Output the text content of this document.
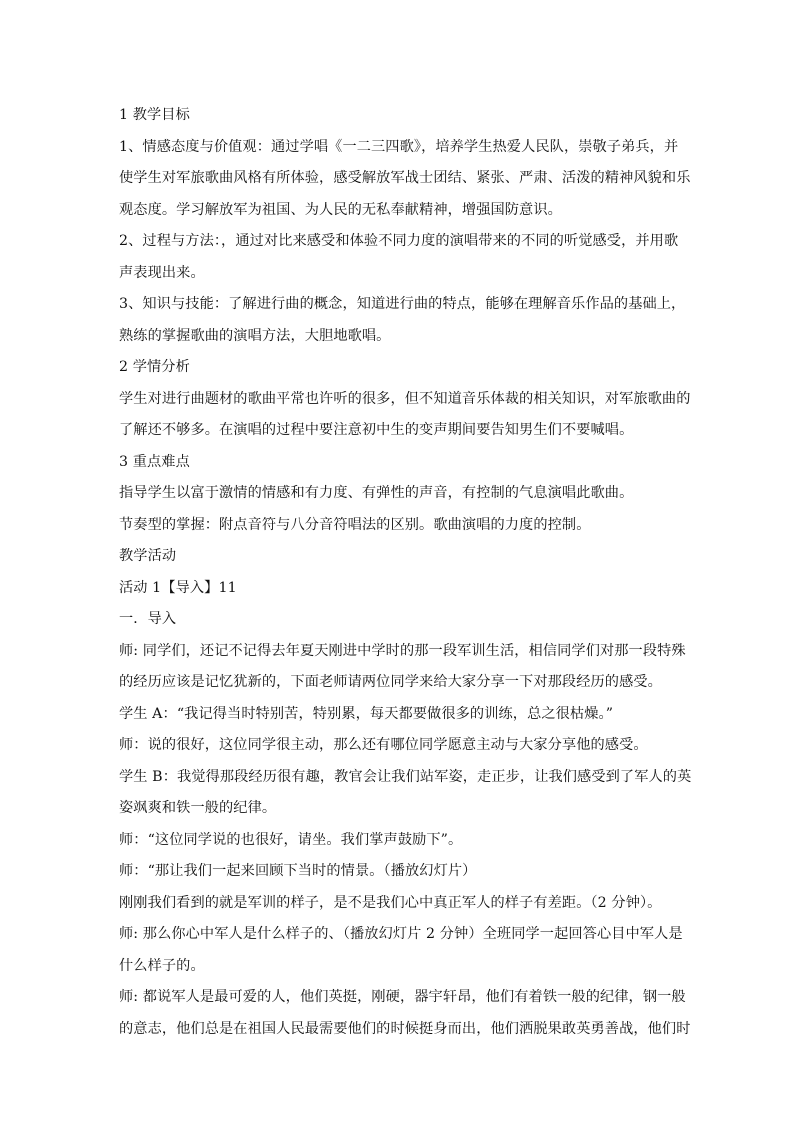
1 教学目标
1、情感态度与价值观：通过学唱《一二三四歌》，培养学生热爱人民队，崇敬子弟兵，并
使学生对军旅歌曲风格有所体验，感受解放军战士团结、紧张、严肃、活泼的精神风貌和乐
观态度。学习解放军为祖国、为人民的无私奉献精神，增强国防意识。
2、过程与方法：，通过对比来感受和体验不同力度的演唱带来的不同的听觉感受，并用歌
声表现出来。
3、知识与技能：了解进行曲的概念，知道进行曲的特点，能够在理解音乐作品的基础上，
熟练的掌握歌曲的演唱方法，大胆地歌唱。
2 学情分析
学生对进行曲题材的歌曲平常也许听的很多，但不知道音乐体裁的相关知识，对军旅歌曲的
了解还不够多。在演唱的过程中要注意初中生的变声期间要告知男生们不要喊唱。
3 重点难点
指导学生以富于激情的情感和有力度、有弹性的声音，有控制的气息演唱此歌曲。
节奏型的掌握：附点音符与八分音符唱法的区别。歌曲演唱的力度的控制。
教学活动
活动 1【导入】11
一．导入
师: 同学们，还记不记得去年夏天刚进中学时的那一段军训生活，相信同学们对那一段特殊
的经历应该是记忆犹新的，下面老师请两位同学来给大家分享一下对那段经历的感受。
学生 A：“我记得当时特别苦，特别累，每天都要做很多的训练，总之很枯燥。”
师：说的很好，这位同学很主动，那么还有哪位同学愿意主动与大家分享他的感受。
学生 B：我觉得那段经历很有趣，教官会让我们站军姿，走正步，让我们感受到了军人的英
姿飒爽和铁一般的纪律。
师：“这位同学说的也很好，请坐。我们掌声鼓励下”。
师：“那让我们一起来回顾下当时的情景。（播放幻灯片）
刚刚我们看到的就是军训的样子，是不是我们心中真正军人的样子有差距。（2 分钟）。
师: 那么你心中军人是什么样子的、（播放幻灯片 2 分钟）全班同学一起回答心目中军人是
什么样子的。
师: 都说军人是最可爱的人，他们英挺，刚硬，器宇轩昂，他们有着铁一般的纪律，钢一般
的意志，他们总是在祖国人民最需要他们的时候挺身而出，他们洒脱果敢英勇善战，他们时
